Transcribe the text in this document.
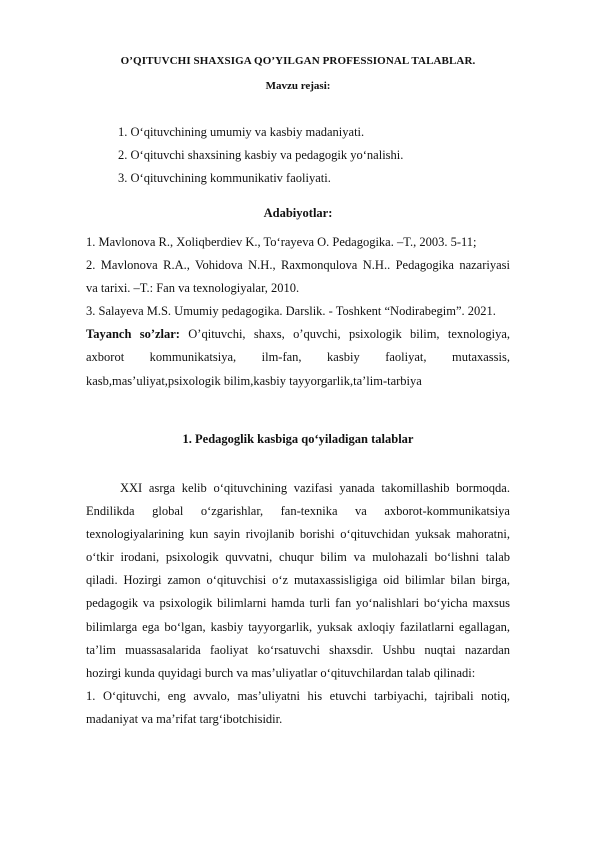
O’QITUVCHI SHAXSIGA QO’YILGAN PROFESSIONAL TALABLAR.
Mavzu rejasi:
1. O‘qituvchining umumiy va kasbiy madaniyati.
2. O‘qituvchi shaxsining kasbiy va pedagogik yo‘nalishi.
3. O‘qituvchining kommunikativ faoliyati.
Adabiyotlar:
1. Mavlonova R., Xoliqberdiev K., To‘rayeva O. Pedagogika. –T., 2003. 5-11;
2. Mavlonova R.A., Vohidova N.H., Raxmonqulova N.H.. Pedagogika nazariyasi
va tarixi. –T.: Fan va texnologiyalar, 2010.
3. Salayeva M.S. Umumiy pedagogika. Darslik. - Toshkent “Nodirabegim”. 2021.
Tayanch so’zlar: O’qituvchi, shaxs, o’quvchi, psixologik bilim, texnologiya,
axborot kommunikatsiya, ilm-fan, kasbiy faoliyat, mutaxassis,
kasb,mas’uliyat,psixologik bilim,kasbiy tayyorgarlik,ta’lim-tarbiya
1. Pedagoglik kasbiga qo‘yiladigan talablar
XXI asrga kelib o‘qituvchining vazifasi yanada takomillashib bormoqda.
Endilikda global o‘zgarishlar, fan-texnika va axborot-kommunikatsiya
texnologiyalarining kun sayin rivojlanib borishi o‘qituvchidan yuksak mahoratni,
o‘tkir irodani, psixologik quvvatni, chuqur bilim va mulohazali bo‘lishni talab
qiladi. Hozirgi zamon o‘qituvchisi o‘z mutaxassisligiga oid bilimlar bilan birga,
pedagogik va psixologik bilimlarni hamda turli fan yo‘nalishlari bo‘yicha maxsus
bilimlarga ega bo‘lgan, kasbiy tayyorgarlik, yuksak axloqiy fazilatlarni egallagan,
ta’lim muassasalarida faoliyat ko‘rsatuvchi shaxsdir. Ushbu nuqtai nazardan
hozirgi kunda quyidagi burch va mas’uliyatlar o‘qituvchilardan talab qilinadi:
1. O‘qituvchi, eng avvalo, mas’uliyatni his etuvchi tarbiyachi, tajribali notiq,
madaniyat va ma’rifat targ‘ibotchisidir.
